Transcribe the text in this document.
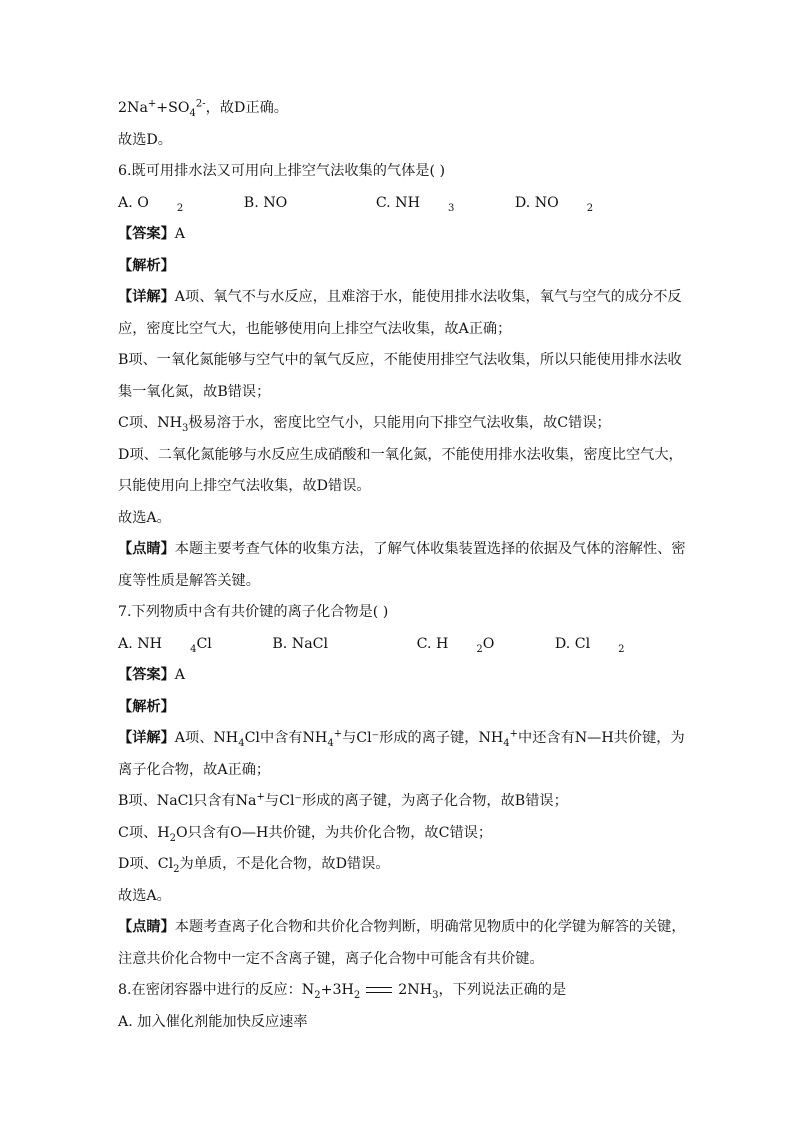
$2Na^++SO_4^{2-}$，故D正确。
故选D。
6.既可用排水法又可用向上排空气法收集的气体是( )
A. O	$_2$	B. NO	C. NH	$_3$	D. NO	$_2$
【答案】A
【解析】
【详解】A项、氧气不与水反应，且难溶于水，能使用排水法收集，氧气与空气的成分不反
应，密度比空气大，也能够使用向上排空气法收集，故A正确；
B项、一氧化氮能够与空气中的氧气反应，不能使用排空气法收集，所以只能使用排水法收
集一氧化氮，故B错误；
C项、$NH_3$极易溶于水，密度比空气小，只能用向下排空气法收集，故C错误；
D项、二氧化氮能够与水反应生成硝酸和一氧化氮，不能使用排水法收集，密度比空气大，
只能使用向上排空气法收集，故D错误。
故选A。
【点睛】本题主要考查气体的收集方法，了解气体收集装置选择的依据及气体的溶解性、密
度等性质是解答关键。
7.下列物质中含有共价键的离子化合物是( )
A. NH	$_4$Cl	B. NaCl	C. H	$_2$O	D. Cl	$_2$
【答案】A
【解析】
【详解】A项、$NH_4Cl$中含有$NH_4^+$与Cl⁻形成的离子键，$NH_4^+$中还含有N—H共价键，为
离子化合物，故A正确；
B项、NaCl只含有Na+与Cl⁻形成的离子键，为离子化合物，故B错误；
C项、$H_2O$只含有O—H共价键，为共价化合物，故C错误；
D项、$Cl_2$为单质，不是化合物，故D错误。
故选A。
【点睛】本题考查离子化合物和共价化合物判断，明确常见物质中的化学键为解答的关键，
注意共价化合物中一定不含离子键，离子化合物中可能含有共价键。
8.在密闭容器中进行的反应：$N_2+3H_2$	$2NH_3$，下列说法正确的是
A. 加入催化剂能加快反应速率
